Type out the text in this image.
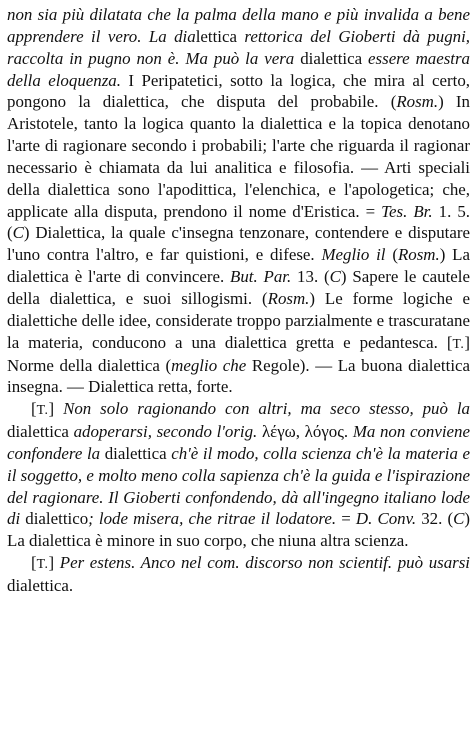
non sia più dilatata che la palma della mano e più invalida a bene apprendere il vero. La dialettica rettorica del Gioberti dà pugni, raccolta in pugno non è. Ma può la vera dialettica essere maestra della eloquenza. I Peripatetici, sotto la logica, che mira al certo, pongono la dialettica, che disputa del probabile. (Rosm.) In Aristotele, tanto la logica quanto la dialettica e la topica denotano l'arte di ragionare secondo i probabili; l'arte che riguarda il ragionar necessario è chiamata da lui analitica e filosofia. — Arti speciali della dialettica sono l'apodittica, l'elenchica, e l'apologetica; che, applicate alla disputa, prendono il nome d'Eristica. = Tes. Br. 1. 5. (C) Dialettica, la quale c'insegna tenzonare, contendere e disputare l'uno contra l'altro, e far quistioni, e difese. Meglio il (Rosm.) La dialettica è l'arte di convincere. But. Par. 13. (C) Sapere le cautele della dialettica, e suoi sillogismi. (Rosm.) Le forme logiche e dialettiche delle idee, considerate troppo parzialmente e trascuratane la materia, conducono a una dialettica gretta e pedantesca. [T.] Norme della dialettica (meglio che Regole). — La buona dialettica insegna. — Dialettica retta, forte.

[T.] Non solo ragionando con altri, ma seco stesso, può la dialettica adoperarsi, secondo l'orig. λέγω, λόγος. Ma non conviene confondere la dialettica ch'è il modo, colla scienza ch'è la materia e il soggetto, e molto meno colla sapienza ch'è la guida e l'ispirazione del ragionare. Il Gioberti confondendo, dà all'ingegno italiano lode di dialettico; lode misera, che ritrae il lodatore. = D. Conv. 32. (C) La dialettica è minore in suo corpo, che niuna altra scienza.

[T.] Per estens. Anco nel com. discorso non scientif. può usarsi dialettica.
